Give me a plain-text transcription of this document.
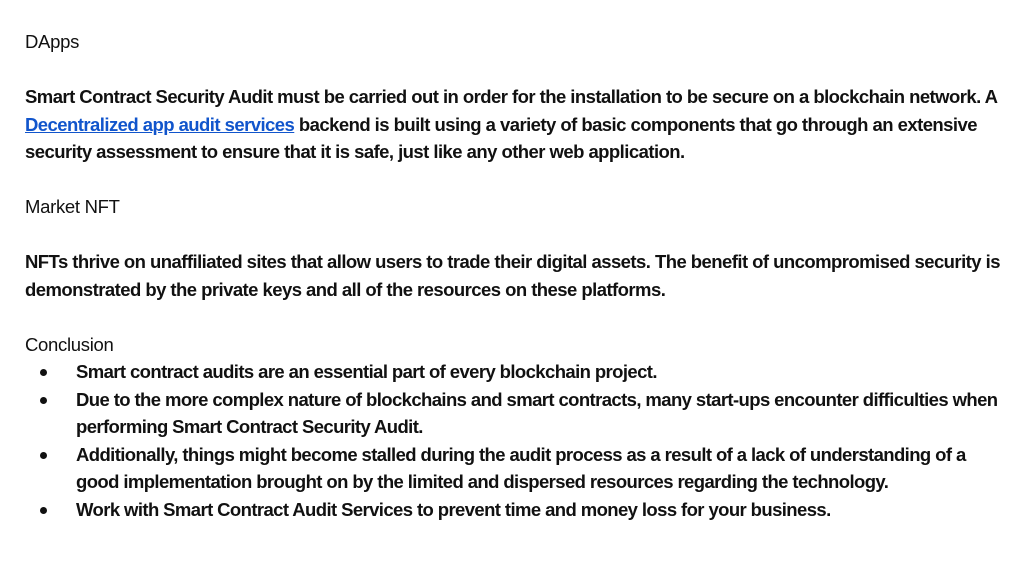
DApps

Smart Contract Security Audit must be carried out in order for the installation to be secure on a blockchain network. A Decentralized app audit services backend is built using a variety of basic components that go through an extensive security assessment to ensure that it is safe, just like any other web application.

Market NFT

NFTs thrive on unaffiliated sites that allow users to trade their digital assets. The benefit of uncompromised security is demonstrated by the private keys and all of the resources on these platforms.

Conclusion

Smart contract audits are an essential part of every blockchain project.
Due to the more complex nature of blockchains and smart contracts, many start-ups encounter difficulties when performing Smart Contract Security Audit.
Additionally, things might become stalled during the audit process as a result of a lack of understanding of a good implementation brought on by the limited and dispersed resources regarding the technology.
Work with Smart Contract Audit Services to prevent time and money loss for your business.
